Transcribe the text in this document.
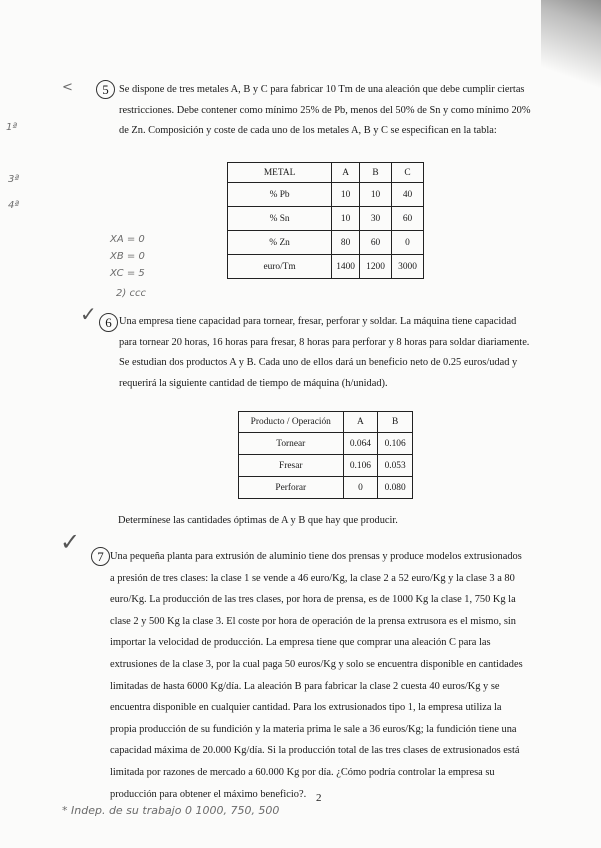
<
1ª
3ª
4ª
XA = 0
XB = 0
XC = 5
2) ccc
5 Se dispone de tres metales A, B y C para fabricar 10 Tm de una aleación que debe cumplir ciertas

restricciones. Debe contener como mínimo 25% de Pb, menos del 50% de Sn y como mínimo 20%

de Zn. Composición y coste de cada uno de los metales A, B y C se especifican en la tabla:

METAL	A	B	C
% Pb	10	10	40
% Sn	10	30	60
% Zn	80	60	0
euro/Tm	1400	1200	3000
✓ 6 Una empresa tiene capacidad para tornear, fresar, perforar y soldar. La máquina tiene capacidad

para tornear 20 horas, 16 horas para fresar, 8 horas para perforar y 8 horas para soldar diariamente.

Se estudian dos productos A y B. Cada uno de ellos dará un beneficio neto de 0.25 euros/udad y

requerirá la siguiente cantidad de tiempo de máquina (h/unidad).

Producto / Operación	A	B
Tornear	0.064	0.106
Fresar	0.106	0.053
Perforar	0	0.080
Determínese las cantidades óptimas de A y B que hay que producir.
✓
7 Una pequeña planta para extrusión de aluminio tiene dos prensas y produce modelos extrusionados

a presión de tres clases: la clase 1 se vende a 46 euro/Kg, la clase 2 a 52 euro/Kg y la clase 3 a 80

euro/Kg. La producción de las tres clases, por hora de prensa, es de 1000 Kg la clase 1, 750 Kg la

clase 2 y 500 Kg la clase 3. El coste por hora de operación de la prensa extrusora es el mismo, sin

importar la velocidad de producción. La empresa tiene que comprar una aleación C para las

extrusiones de la clase 3, por la cual paga 50 euros/Kg y solo se encuentra disponible en cantidades

limitadas de hasta 6000 Kg/día. La aleación B para fabricar la clase 2 cuesta 40 euros/Kg y se

encuentra disponible en cualquier cantidad. Para los extrusionados tipo 1, la empresa utiliza la

propia producción de su fundición y la materia prima le sale a 36 euros/Kg; la fundición tiene una

capacidad máxima de 20.000 Kg/día. Si la producción total de las tres clases de extrusionados está

limitada por razones de mercado a 60.000 Kg por día. ¿Cómo podría controlar la empresa su

producción para obtener el máximo beneficio?. 2
* Indep. de su trabajo 0 1000, 750, 500
